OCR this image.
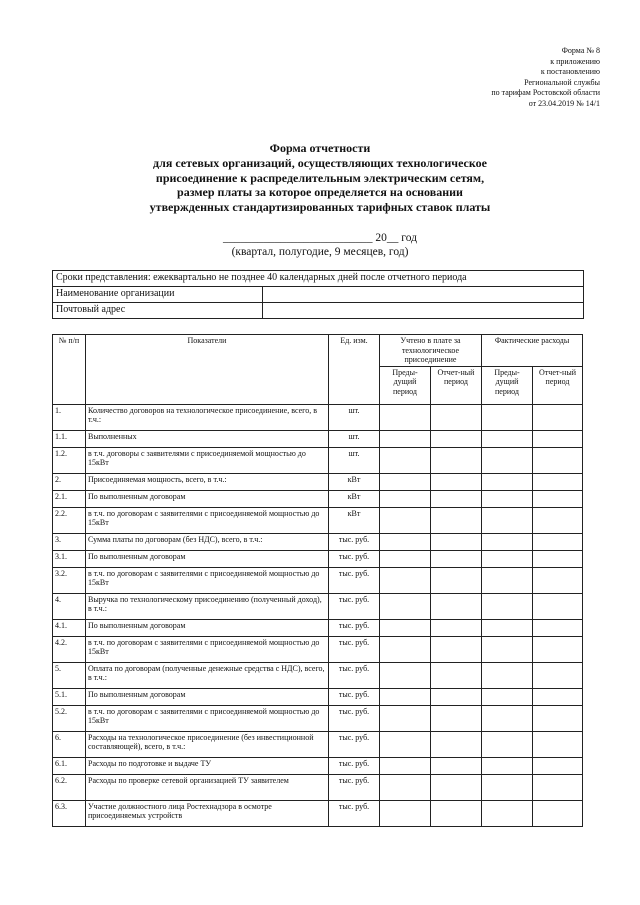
Форма № 8
к приложению
к постановлению
Региональной службы
по тарифам Ростовской области
от 23.04.2019 № 14/1
Форма отчетности
для сетевых организаций, осуществляющих технологическое
присоединение к распределительным электрическим сетям,
размер платы за которое определяется на основании
утвержденных стандартизированных тарифных ставок платы
__________________________ 20__ год
(квартал, полугодие, 9 месяцев, год)
Сроки представления: ежеквартально не позднее 40 календарных дней после отчетного периода	
Наименование организации	
Почтовый адрес	
№ п/п	Показатели	Ед. изм.	Учтено в плате за технологическое присоединение		Фактические расходы	
			Преды-дущий период	Отчет-ный период	Преды-дущий период	Отчет-ный период
1.	Количество договоров на технологическое присоединение, всего, в т.ч.:	шт.				
1.1.	Выполненных	шт.				
1.2.	в т.ч. договоры с заявителями с присоединяемой мощностью до 15кВт	шт.				
2.	Присоединяемая мощность, всего, в т.ч.:	кВт				
2.1.	По выполненным договорам	кВт				
2.2.	в т.ч. по договорам с заявителями с присоединяемой мощностью до 15кВт	кВт				
3.	Сумма платы по договорам (без НДС), всего, в т.ч.:	тыс. руб.				
3.1.	По выполненным договорам	тыс. руб.				
3.2.	в т.ч. по договорам с заявителями с присоединяемой мощностью до 15кВт	тыс. руб.				
4.	Выручка по технологическому присоединению (полученный доход), в т.ч.:	тыс. руб.				
4.1.	По выполненным договорам	тыс. руб.				
4.2.	в т.ч. по договорам с заявителями с присоединяемой мощностью до 15кВт	тыс. руб.				
5.	Оплата по договорам (полученные денежные средства с НДС), всего, в т.ч.:	тыс. руб.				
5.1.	По выполненным договорам	тыс. руб.				
5.2.	в т.ч. по договорам с заявителями с присоединяемой мощностью до 15кВт	тыс. руб.				
6.	Расходы на технологическое присоединение (без инвестиционной составляющей), всего, в т.ч.:	тыс. руб.				
6.1.	Расходы по подготовке и выдаче ТУ	тыс. руб.				
6.2.	Расходы по проверке сетевой организацией ТУ заявителем	тыс. руб.				
6.3.	Участие должностного лица Ростехнадзора в осмотре присоединяемых устройств	тыс. руб.				
